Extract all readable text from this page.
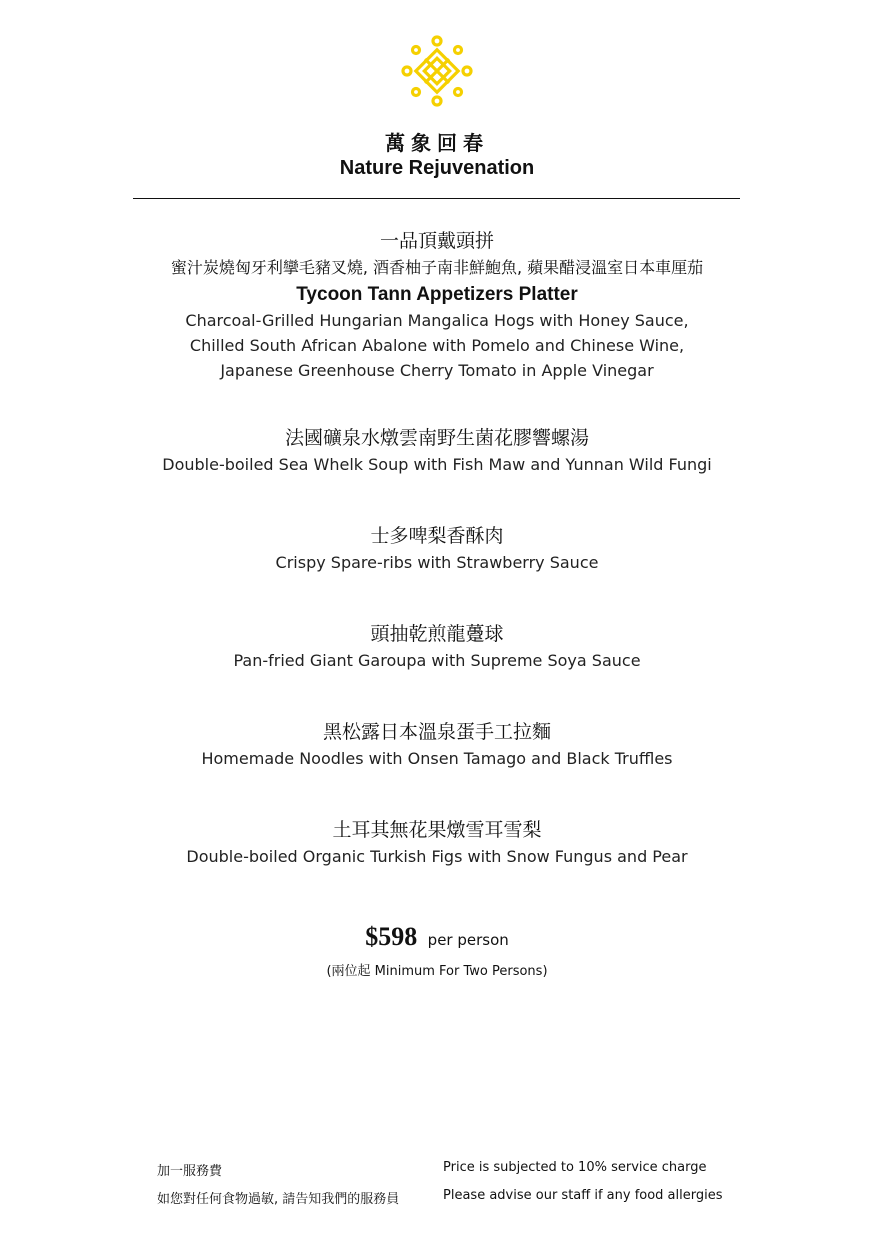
萬象回春
Nature Rejuvenation
一品頂戴頭拼
蜜汁炭燒匈牙利攣毛豬叉燒, 酒香柚子南非鮮鮑魚, 蘋果醋浸溫室日本車厘茄
Tycoon Tann Appetizers Platter
Charcoal-Grilled Hungarian Mangalica Hogs with Honey Sauce,
Chilled South African Abalone with Pomelo and Chinese Wine,
Japanese Greenhouse Cherry Tomato in Apple Vinegar
法國礦泉水燉雲南野生菌花膠響螺湯
Double-boiled Sea Whelk Soup with Fish Maw and Yunnan Wild Fungi
士多啤梨香酥肉
Crispy Spare-ribs with Strawberry Sauce
頭抽乾煎龍躉球
Pan-fried Giant Garoupa with Supreme Soya Sauce
黑松露日本溫泉蛋手工拉麵
Homemade Noodles with Onsen Tamago and Black Truffles
土耳其無花果燉雪耳雪梨
Double-boiled Organic Turkish Figs with Snow Fungus and Pear
$598 per person
(兩位起 Minimum For Two Persons)
加一服務費	Price is subjected to 10% service charge
如您對任何食物過敏, 請告知我們的服務員	Please advise our staff if any food allergies
